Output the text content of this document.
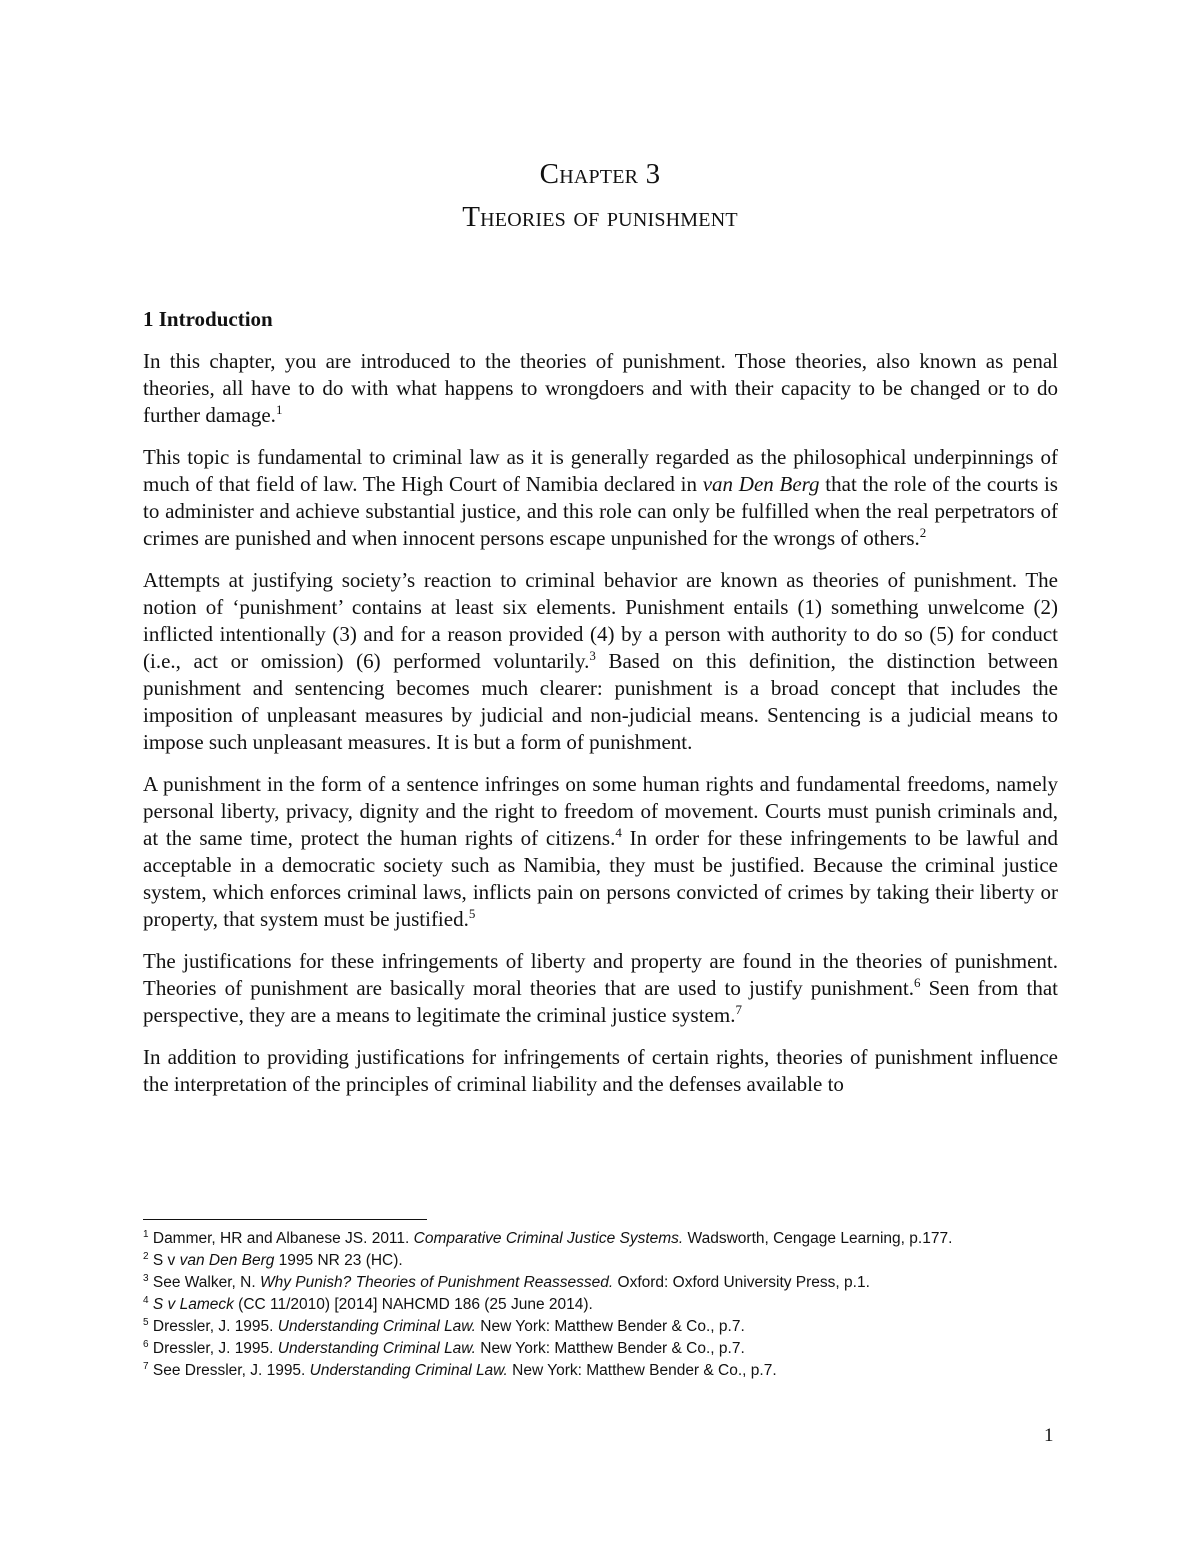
Chapter 3
Theories of punishment
1 Introduction

In this chapter, you are introduced to the theories of punishment. Those theories, also known as penal theories, all have to do with what happens to wrongdoers and with their capacity to be changed or to do further damage.$^1$

This topic is fundamental to criminal law as it is generally regarded as the philosophical underpinnings of much of that field of law. The High Court of Namibia declared in van Den Berg that the role of the courts is to administer and achieve substantial justice, and this role can only be fulfilled when the real perpetrators of crimes are punished and when innocent persons escape unpunished for the wrongs of others.$^2$

Attempts at justifying society’s reaction to criminal behavior are known as theories of punishment. The notion of ‘punishment’ contains at least six elements. Punishment entails (1) something unwelcome (2) inflicted intentionally (3) and for a reason provided (4) by a person with authority to do so (5) for conduct (i.e., act or omission) (6) performed voluntarily.$^3$ Based on this definition, the distinction between punishment and sentencing becomes much clearer: punishment is a broad concept that includes the imposition of unpleasant measures by judicial and non-judicial means. Sentencing is a judicial means to impose such unpleasant measures. It is but a form of punishment.

A punishment in the form of a sentence infringes on some human rights and fundamental freedoms, namely personal liberty, privacy, dignity and the right to freedom of movement. Courts must punish criminals and, at the same time, protect the human rights of citizens.$^4$ In order for these infringements to be lawful and acceptable in a democratic society such as Namibia, they must be justified. Because the criminal justice system, which enforces criminal laws, inflicts pain on persons convicted of crimes by taking their liberty or property, that system must be justified.$^5$

The justifications for these infringements of liberty and property are found in the theories of punishment. Theories of punishment are basically moral theories that are used to justify punishment.$^6$ Seen from that perspective, they are a means to legitimate the criminal justice system.$^7$

In addition to providing justifications for infringements of certain rights, theories of punishment influence the interpretation of the principles of criminal liability and the defenses available to

$^1$ Dammer, HR and Albanese JS. 2011. Comparative Criminal Justice Systems. Wadsworth, Cengage Learning, p.177.
$^2$ S v van Den Berg 1995 NR 23 (HC).
$^3$ See Walker, N. Why Punish? Theories of Punishment Reassessed. Oxford: Oxford University Press, p.1.
$^4$ S v Lameck (CC 11/2010) [2014] NAHCMD 186 (25 June 2014).
$^5$ Dressler, J. 1995. Understanding Criminal Law. New York: Matthew Bender & Co., p.7.
$^6$ Dressler, J. 1995. Understanding Criminal Law. New York: Matthew Bender & Co., p.7.
$^7$ See Dressler, J. 1995. Understanding Criminal Law. New York: Matthew Bender & Co., p.7.
1
